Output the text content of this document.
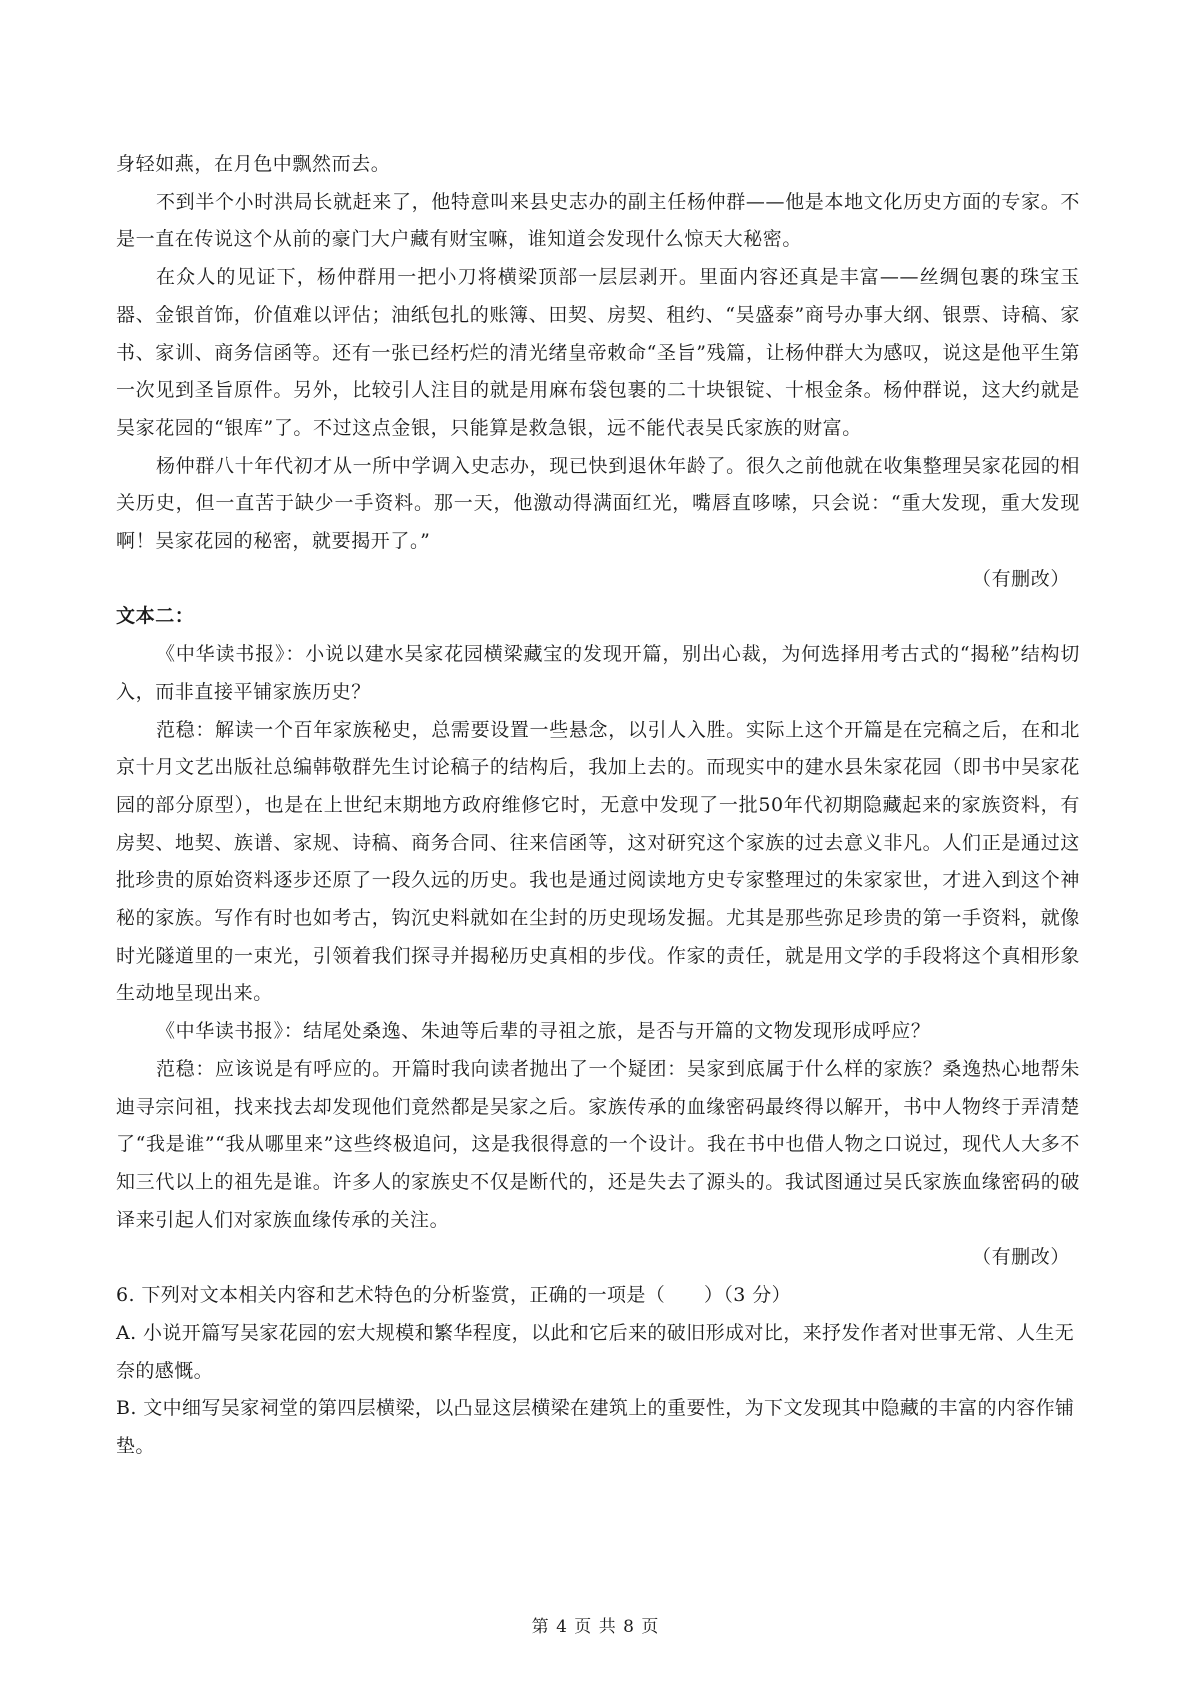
身轻如燕，在月色中飘然而去。

不到半个小时洪局长就赶来了，他特意叫来县史志办的副主任杨仲群——他是本地文化历史方面的专家。不是一直在传说这个从前的豪门大户藏有财宝嘛，谁知道会发现什么惊天大秘密。

在众人的见证下，杨仲群用一把小刀将横梁顶部一层层剥开。里面内容还真是丰富——丝绸包裹的珠宝玉器、金银首饰，价值难以评估；油纸包扎的账簿、田契、房契、租约、“吴盛泰”商号办事大纲、银票、诗稿、家书、家训、商务信函等。还有一张已经朽烂的清光绪皇帝敕命“圣旨”残篇，让杨仲群大为感叹，说这是他平生第一次见到圣旨原件。另外，比较引人注目的就是用麻布袋包裹的二十块银锭、十根金条。杨仲群说，这大约就是吴家花园的“银库”了。不过这点金银，只能算是救急银，远不能代表吴氏家族的财富。

杨仲群八十年代初才从一所中学调入史志办，现已快到退休年龄了。很久之前他就在收集整理吴家花园的相关历史，但一直苦于缺少一手资料。那一天，他激动得满面红光，嘴唇直哆嗦，只会说：“重大发现，重大发现啊！吴家花园的秘密，就要揭开了。”

（有删改）

文本二：

《中华读书报》：小说以建水吴家花园横梁藏宝的发现开篇，别出心裁，为何选择用考古式的“揭秘”结构切入，而非直接平铺家族历史？

范稳：解读一个百年家族秘史，总需要设置一些悬念，以引人入胜。实际上这个开篇是在完稿之后，在和北京十月文艺出版社总编韩敬群先生讨论稿子的结构后，我加上去的。而现实中的建水县朱家花园（即书中吴家花园的部分原型），也是在上世纪末期地方政府维修它时，无意中发现了一批50年代初期隐藏起来的家族资料，有房契、地契、族谱、家规、诗稿、商务合同、往来信函等，这对研究这个家族的过去意义非凡。人们正是通过这批珍贵的原始资料逐步还原了一段久远的历史。我也是通过阅读地方史专家整理过的朱家家世，才进入到这个神秘的家族。写作有时也如考古，钩沉史料就如在尘封的历史现场发掘。尤其是那些弥足珍贵的第一手资料，就像时光隧道里的一束光，引领着我们探寻并揭秘历史真相的步伐。作家的责任，就是用文学的手段将这个真相形象生动地呈现出来。

《中华读书报》：结尾处桑逸、朱迪等后辈的寻祖之旅，是否与开篇的文物发现形成呼应？

范稳：应该说是有呼应的。开篇时我向读者抛出了一个疑团：吴家到底属于什么样的家族？桑逸热心地帮朱迪寻宗问祖，找来找去却发现他们竟然都是吴家之后。家族传承的血缘密码最终得以解开，书中人物终于弄清楚了“我是谁”“我从哪里来”这些终极追问，这是我很得意的一个设计。我在书中也借人物之口说过，现代人大多不知三代以上的祖先是谁。许多人的家族史不仅是断代的，还是失去了源头的。我试图通过吴氏家族血缘密码的破译来引起人们对家族血缘传承的关注。

（有删改）

6. 下列对文本相关内容和艺术特色的分析鉴赏，正确的一项是（　　）（3 分）

A. 小说开篇写吴家花园的宏大规模和繁华程度，以此和它后来的破旧形成对比，来抒发作者对世事无常、人生无奈的感慨。

B. 文中细写吴家祠堂的第四层横梁，以凸显这层横梁在建筑上的重要性，为下文发现其中隐藏的丰富的内容作铺垫。

第 4 页 共 8 页
